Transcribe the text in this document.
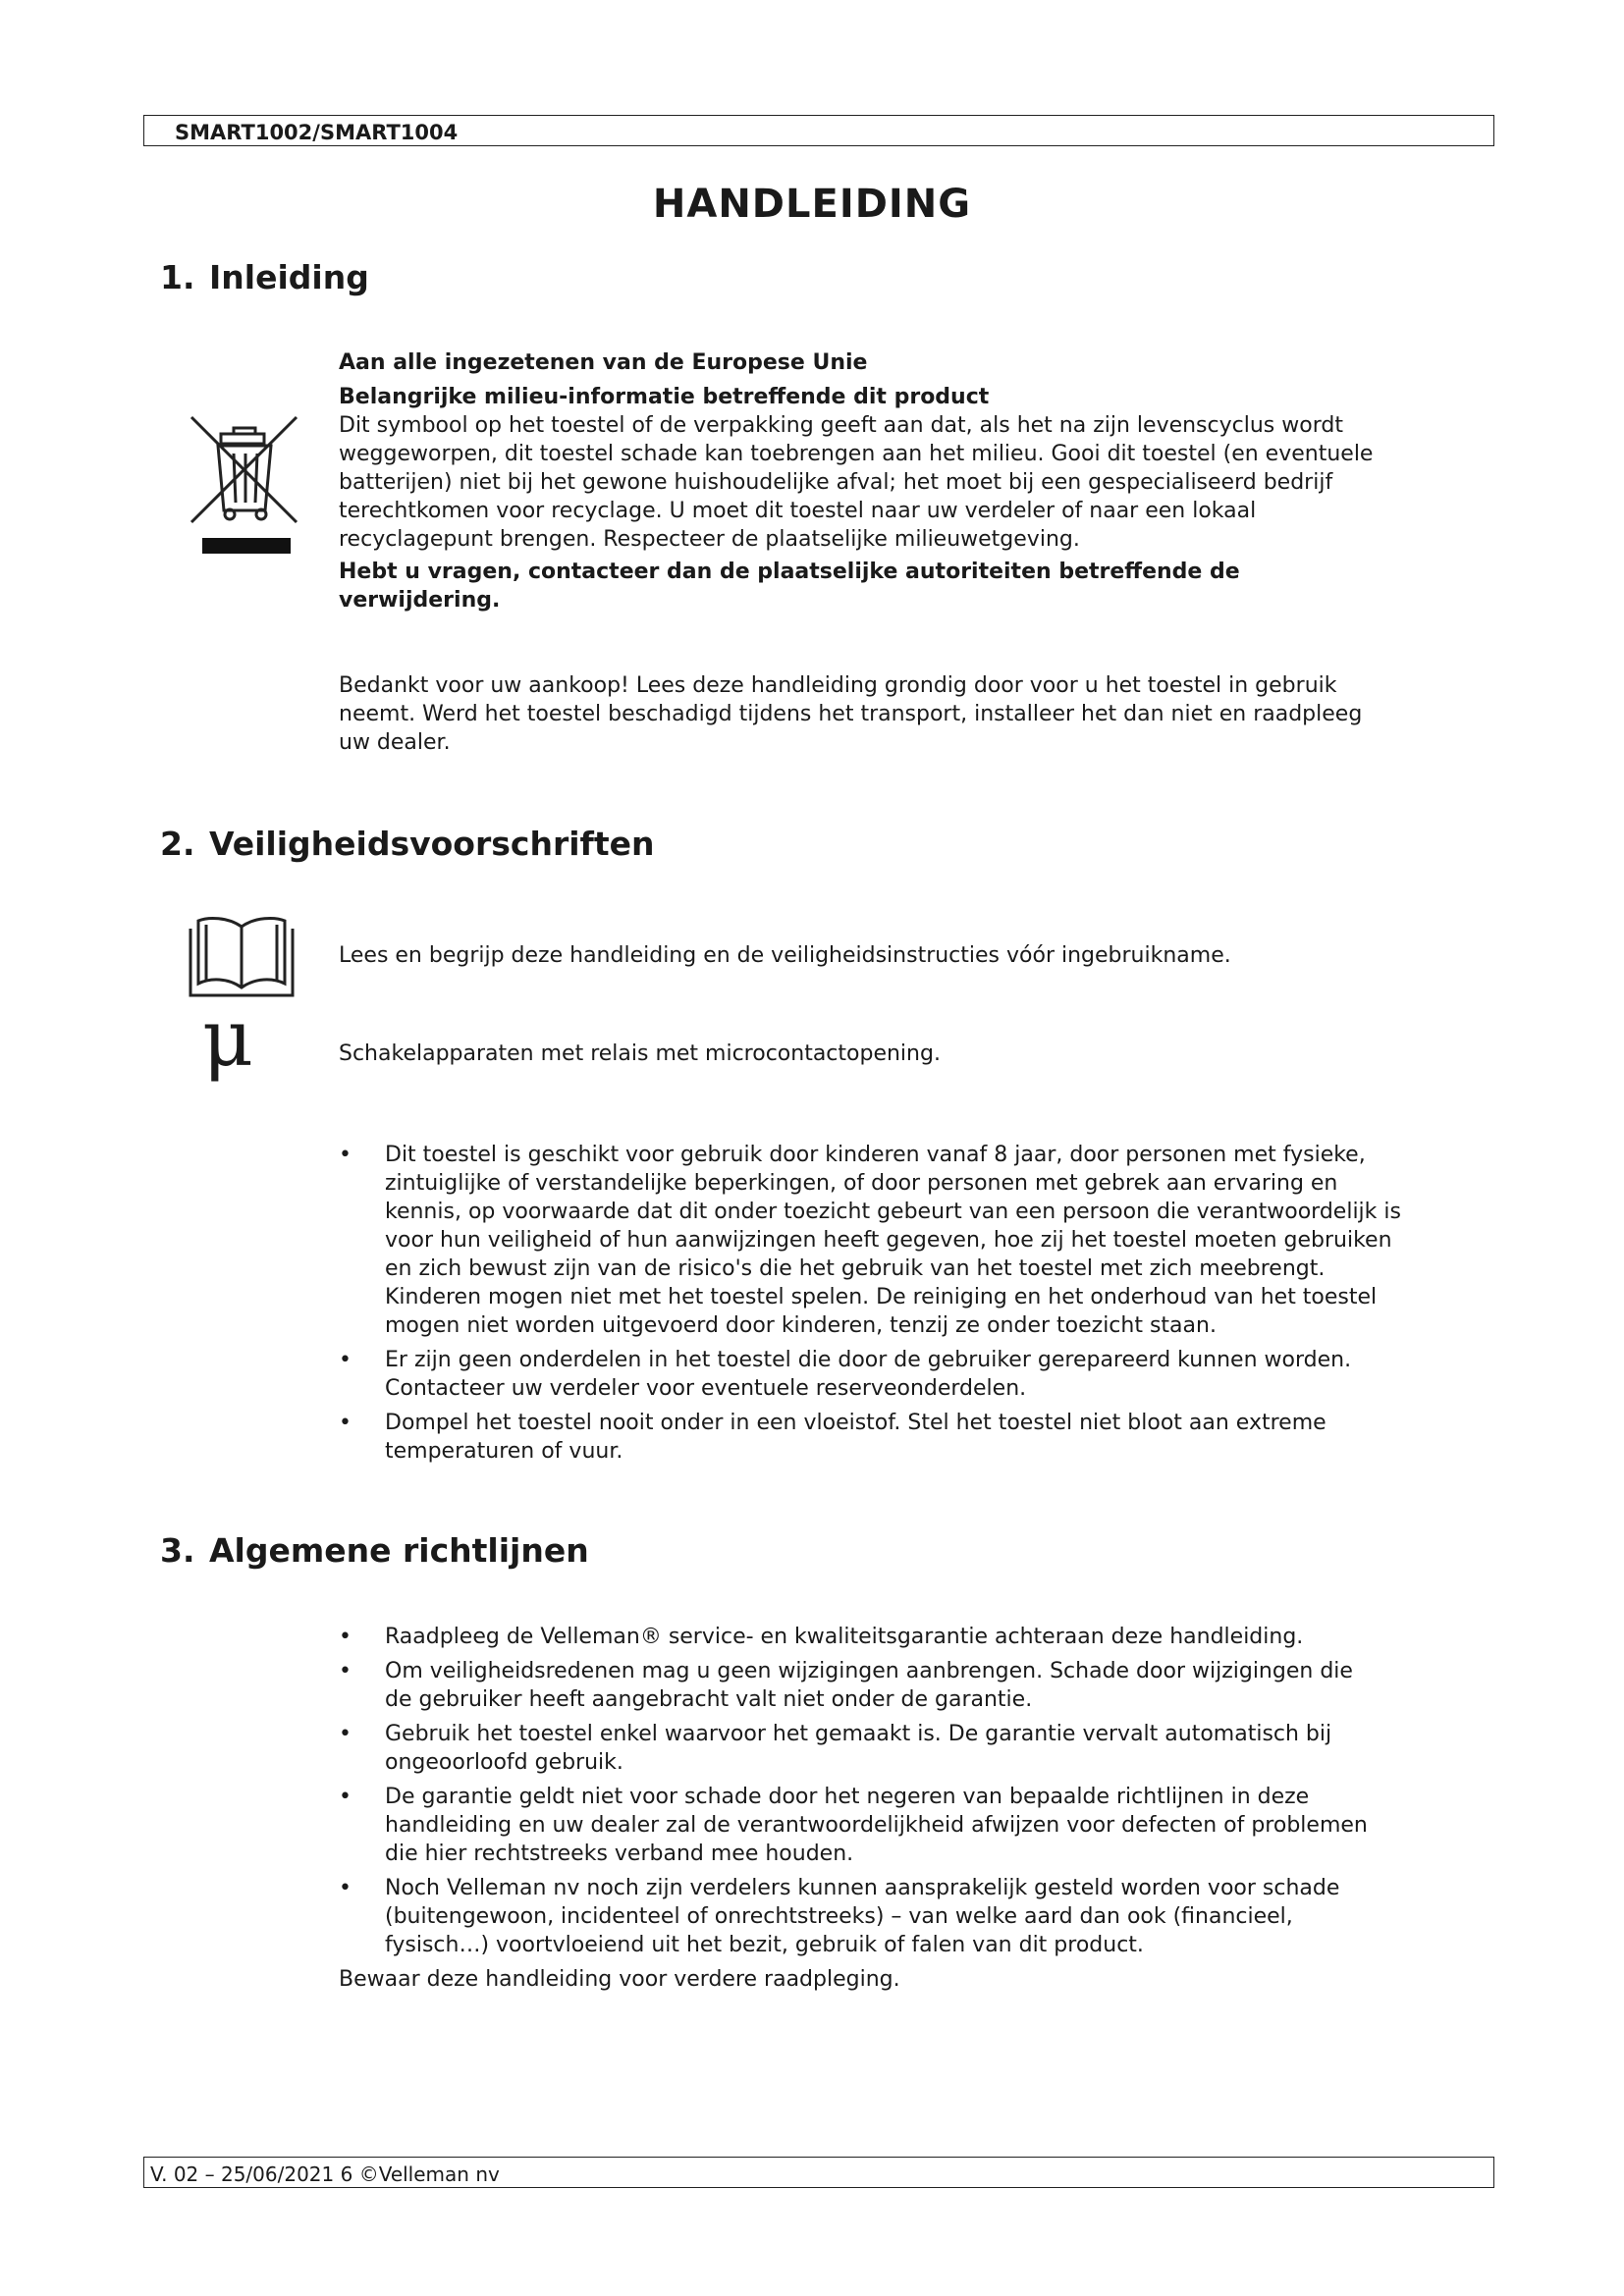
SMART1002/SMART1004
HANDLEIDING
1. Inleiding

Aan alle ingezetenen van de Europese Unie

Belangrijke milieu-informatie betreffende dit product

Dit symbool op het toestel of de verpakking geeft aan dat, als het na zijn levenscyclus wordt

weggeworpen, dit toestel schade kan toebrengen aan het milieu. Gooi dit toestel (en eventuele

batterijen) niet bij het gewone huishoudelijke afval; het moet bij een gespecialiseerd bedrijf

terechtkomen voor recyclage. U moet dit toestel naar uw verdeler of naar een lokaal

recyclagepunt brengen. Respecteer de plaatselijke milieuwetgeving.

Hebt u vragen, contacteer dan de plaatselijke autoriteiten betreffende de

verwijdering.

Bedankt voor uw aankoop! Lees deze handleiding grondig door voor u het toestel in gebruik

neemt. Werd het toestel beschadigd tijdens het transport, installeer het dan niet en raadpleeg

uw dealer.

2. Veiligheidsvoorschriften
Lees en begrijp deze handleiding en de veiligheidsinstructies vóór ingebruikname.
μ	Schakelapparaten met relais met microcontactopening.

• Dit toestel is geschikt voor gebruik door kinderen vanaf 8 jaar, door personen met fysieke,

zintuiglijke of verstandelijke beperkingen, of door personen met gebrek aan ervaring en

kennis, op voorwaarde dat dit onder toezicht gebeurt van een persoon die verantwoordelijk is

voor hun veiligheid of hun aanwijzingen heeft gegeven, hoe zij het toestel moeten gebruiken

en zich bewust zijn van de risico's die het gebruik van het toestel met zich meebrengt.

Kinderen mogen niet met het toestel spelen. De reiniging en het onderhoud van het toestel

mogen niet worden uitgevoerd door kinderen, tenzij ze onder toezicht staan.

• Er zijn geen onderdelen in het toestel die door de gebruiker gerepareerd kunnen worden.

Contacteer uw verdeler voor eventuele reserveonderdelen.

• Dompel het toestel nooit onder in een vloeistof. Stel het toestel niet bloot aan extreme

temperaturen of vuur.

3. Algemene richtlijnen

• Raadpleeg de Velleman® service- en kwaliteitsgarantie achteraan deze handleiding.

• Om veiligheidsredenen mag u geen wijzigingen aanbrengen. Schade door wijzigingen die

de gebruiker heeft aangebracht valt niet onder de garantie.

• Gebruik het toestel enkel waarvoor het gemaakt is. De garantie vervalt automatisch bij

ongeoorloofd gebruik.

• De garantie geldt niet voor schade door het negeren van bepaalde richtlijnen in deze

handleiding en uw dealer zal de verantwoordelijkheid afwijzen voor defecten of problemen

die hier rechtstreeks verband mee houden.

• Noch Velleman nv noch zijn verdelers kunnen aansprakelijk gesteld worden voor schade

(buitengewoon, incidenteel of onrechtstreeks) – van welke aard dan ook (financieel,

fysisch…) voortvloeiend uit het bezit, gebruik of falen van dit product.

• Bewaar deze handleiding voor verdere raadpleging.

V. 02 – 25/06/2021 6 ©Velleman nv
